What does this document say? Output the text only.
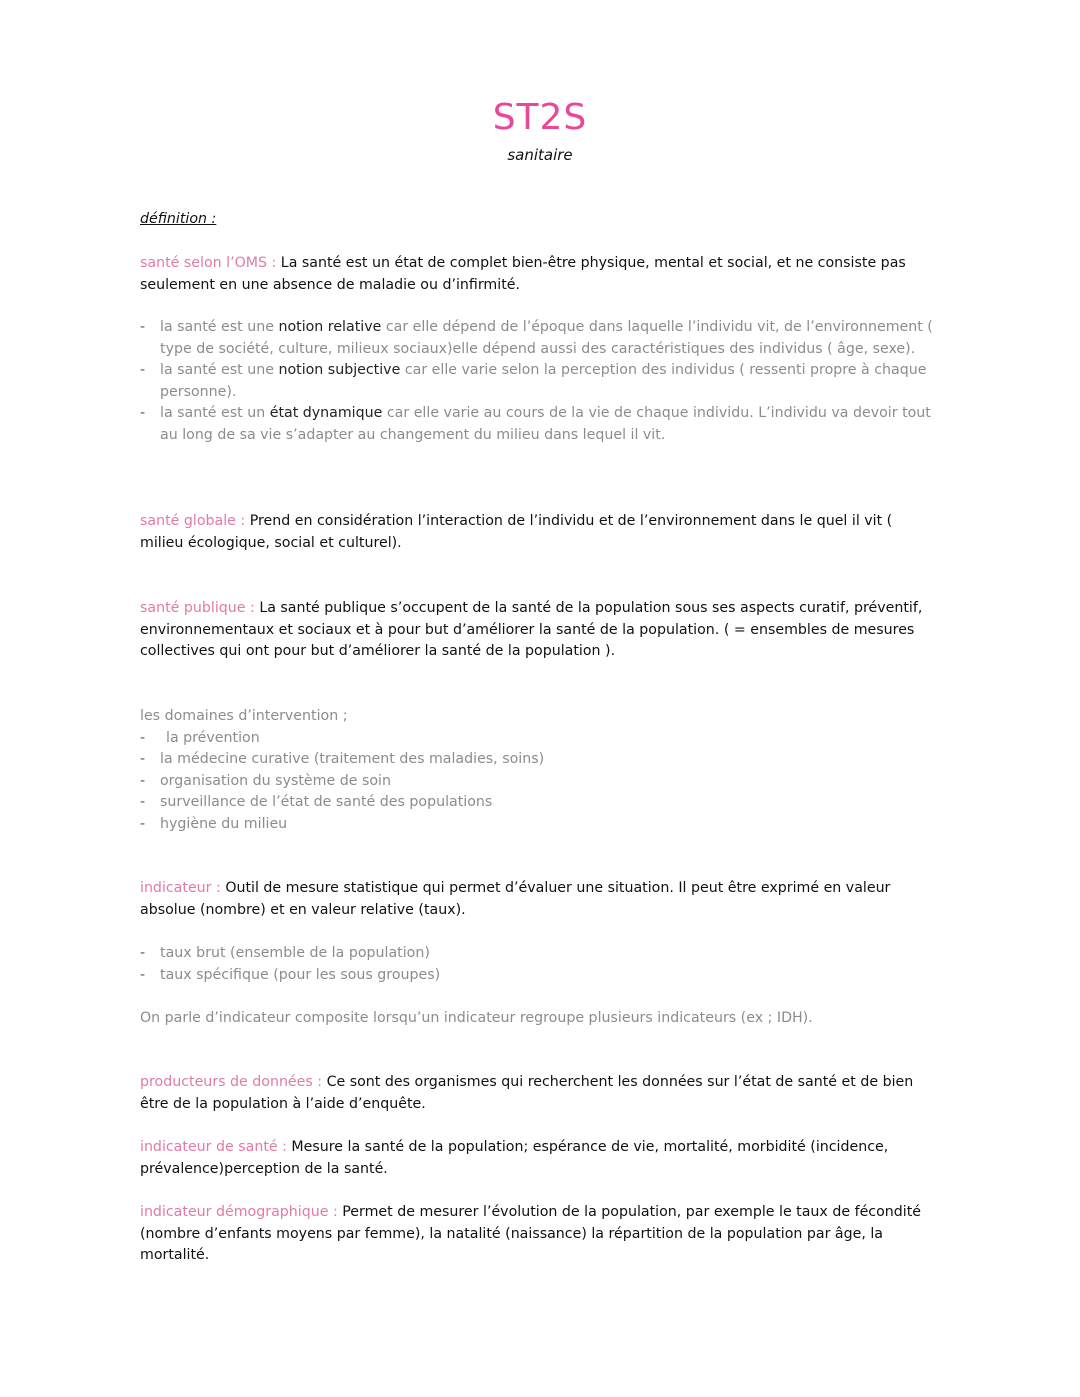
ST2S
sanitaire
définition :
santé selon l’OMS : La santé est un état de complet bien-être physique, mental et social, et ne consiste pas seulement en une absence de maladie ou d’infirmité.
- la santé est une notion relative car elle dépend de l’époque dans laquelle l’individu vit, de l’environnement ( type de société, culture, milieux sociaux)elle dépend aussi des caractéristiques des individus ( âge, sexe).
- la santé est une notion subjective car elle varie selon la perception des individus ( ressenti propre à chaque personne).
- la santé est un état dynamique car elle varie au cours de la vie de chaque individu. L’individu va devoir tout au long de sa vie s’adapter au changement du milieu dans lequel il vit.
santé globale : Prend en considération l’interaction de l’individu et de l’environnement dans le quel il vit ( milieu écologique, social et culturel).
santé publique : La santé publique s’occupent de la santé de la population sous ses aspects curatif, préventif, environnementaux et sociaux et à pour but d’améliorer la santé de la population. ( = ensembles de mesures collectives qui ont pour but d’améliorer la santé de la population ).
les domaines d’intervention ;
- la prévention
- la médecine curative (traitement des maladies, soins)
- organisation du système de soin
- surveillance de l’état de santé des populations
- hygiène du milieu
indicateur : Outil de mesure statistique qui permet d’évaluer une situation. Il peut être exprimé en valeur absolue (nombre) et en valeur relative (taux).
- taux brut (ensemble de la population)
- taux spécifique (pour les sous groupes)
On parle d’indicateur composite lorsqu’un indicateur regroupe plusieurs indicateurs (ex ; IDH).
producteurs de données : Ce sont des organismes qui recherchent les données sur l’état de santé et de bien être de la population à l’aide d’enquête.
indicateur de santé : Mesure la santé de la population; espérance de vie, mortalité, morbidité (incidence, prévalence)perception de la santé.
indicateur démographique : Permet de mesurer l’évolution de la population, par exemple le taux de fécondité (nombre d’enfants moyens par femme), la natalité (naissance) la répartition de la population par âge, la mortalité.
